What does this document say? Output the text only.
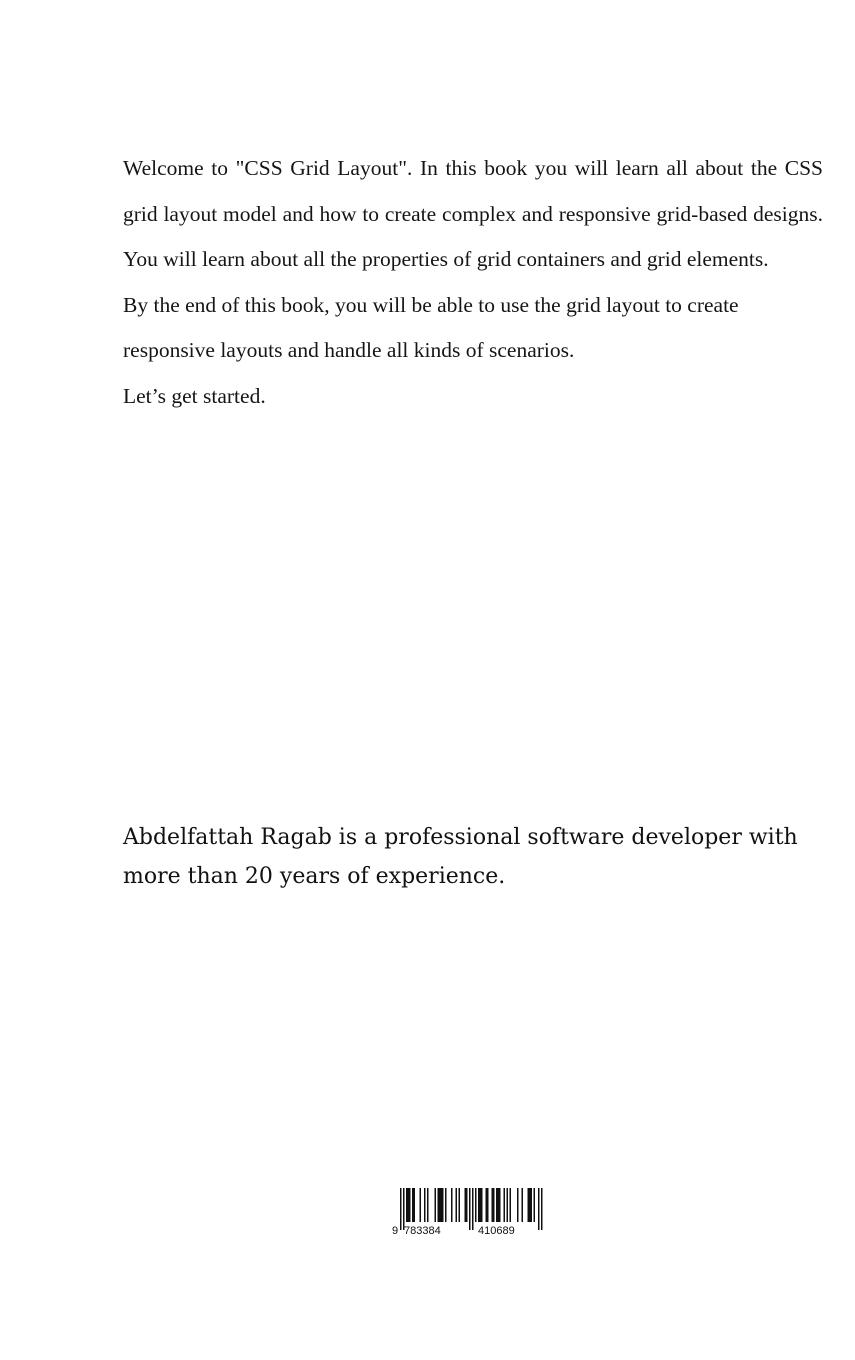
Welcome to "CSS Grid Layout". In this book you will learn all about the CSS grid layout model and how to create complex and responsive grid-based designs. You will learn about all the properties of grid containers and grid elements.

By the end of this book, you will be able to use the grid layout to create responsive layouts and handle all kinds of scenarios.

Let’s get started.

Abdelfattah Ragab is a professional software developer with more than 20 years of experience.

9 783384	410689
